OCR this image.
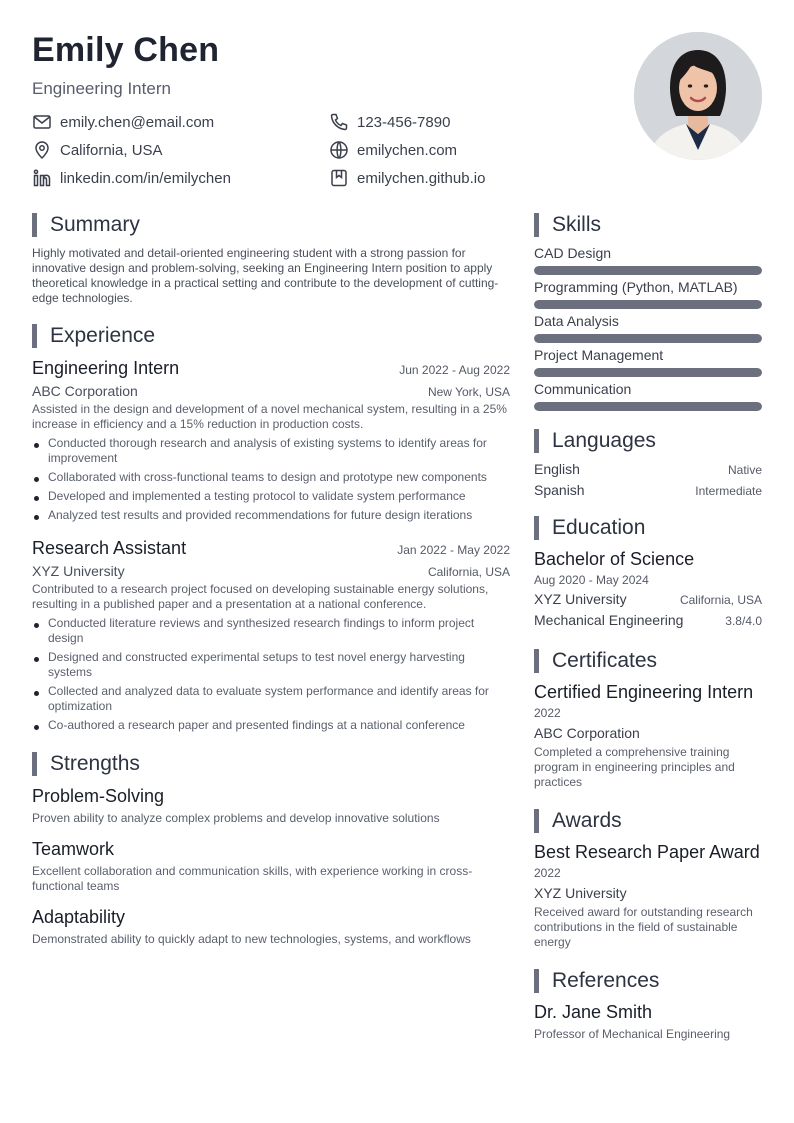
Emily Chen
Engineering Intern
emily.chen@email.com	123-456-7890
California, USA	emilychen.com
linkedin.com/in/emilychen	emilychen.github.io
Summary
Highly motivated and detail-oriented engineering student with a strong passion for innovative design and problem-solving, seeking an Engineering Intern position to apply theoretical knowledge in a practical setting and contribute to the development of cutting-edge technologies.
Experience
Engineering Intern	Jun 2022 - Aug 2022
ABC Corporation	New York, USA
Assisted in the design and development of a novel mechanical system, resulting in a 25% increase in efficiency and a 15% reduction in production costs.
Conducted thorough research and analysis of existing systems to identify areas for improvement
Collaborated with cross-functional teams to design and prototype new components
Developed and implemented a testing protocol to validate system performance
Analyzed test results and provided recommendations for future design iterations
Research Assistant	Jan 2022 - May 2022
XYZ University	California, USA
Contributed to a research project focused on developing sustainable energy solutions, resulting in a published paper and a presentation at a national conference.
Conducted literature reviews and synthesized research findings to inform project design
Designed and constructed experimental setups to test novel energy harvesting systems
Collected and analyzed data to evaluate system performance and identify areas for optimization
Co-authored a research paper and presented findings at a national conference
Strengths
Problem-Solving
Proven ability to analyze complex problems and develop innovative solutions
Teamwork
Excellent collaboration and communication skills, with experience working in cross-functional teams
Adaptability
Demonstrated ability to quickly adapt to new technologies, systems, and workflows
Skills
CAD Design
Programming (Python, MATLAB)
Data Analysis
Project Management
Communication
Languages
English	Native
Spanish	Intermediate
Education
Bachelor of Science
Aug 2020 - May 2024
XYZ University	California, USA
Mechanical Engineering	3.8/4.0
Certificates
Certified Engineering Intern
2022
ABC Corporation
Completed a comprehensive training program in engineering principles and practices
Awards
Best Research Paper Award
2022
XYZ University
Received award for outstanding research contributions in the field of sustainable energy
References
Dr. Jane Smith
Professor of Mechanical Engineering
